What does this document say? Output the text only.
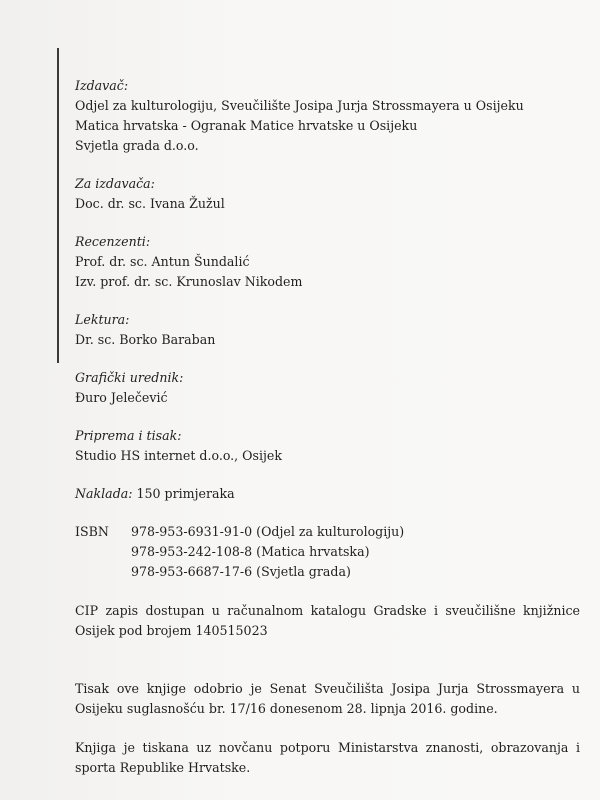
Izdavač:

Odjel za kulturologiju, Sveučilište Josipa Jurja Strossmayera u Osijeku

Matica hrvatska - Ogranak Matice hrvatske u Osijeku

Svjetla grada d.o.o.

Za izdavača:

Doc. dr. sc. Ivana Žužul

Recenzenti:

Prof. dr. sc. Antun Šundalić

Izv. prof. dr. sc. Krunoslav Nikodem

Lektura:

Dr. sc. Borko Baraban

Grafički urednik:

Đuro Jelečević

Priprema i tisak:

Studio HS internet d.o.o., Osijek

Naklada: 150 primjeraka

ISBN	978-953-6931-91-0 (Odjel za kulturologiju)

978-953-242-108-8 (Matica hrvatska)

978-953-6687-17-6 (Svjetla grada)

CIP zapis dostupan u računalnom katalogu Gradske i sveučilišne knjižnice Osijek pod brojem 140515023

Tisak ove knjige odobrio je Senat Sveučilišta Josipa Jurja Strossmayera u Osijeku suglasnošću br. 17/16 donesenom 28. lipnja 2016. godine.

Knjiga je tiskana uz novčanu potporu Ministarstva znanosti, obrazovanja i sporta Republike Hrvatske.
